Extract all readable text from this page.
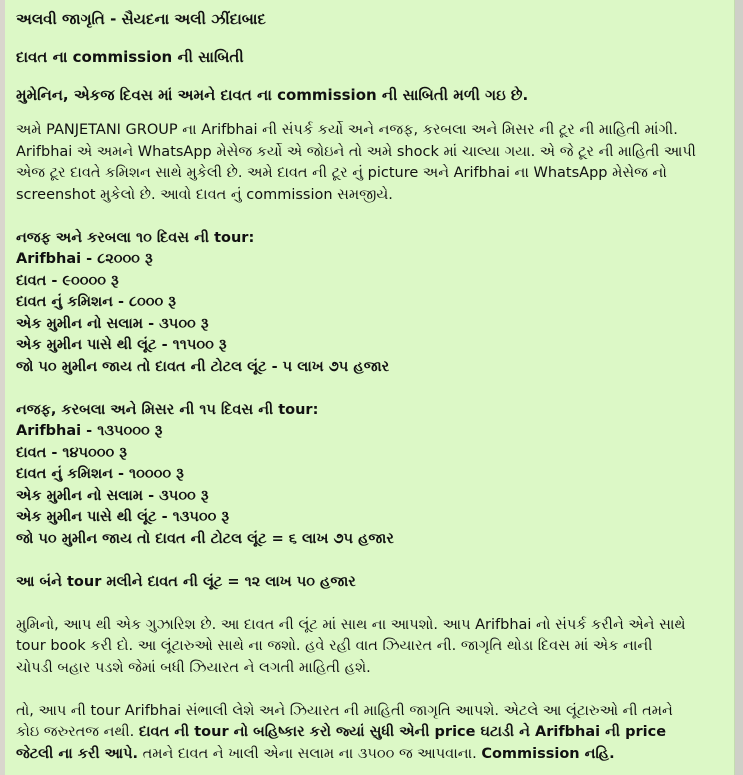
અલવી જાગૃતિ - સૈયદના અલી ઝીંદાબાદ
દાવત ના commission ની સાબિતી
મુમેનિન, એકજ દિવસ માં અમને દાવત ના commission ની સાબિતી મળી ગઇ છે.
અમે PANJETANI GROUP ના Arifbhai ની સંપર્ક કર્યો અને નજફ, કરબલા અને મિસર ની ટૂર ની માહિતી માંગી.
Arifbhai એ અમને WhatsApp મેસેજ કર્યો એ જોઇને તો અમે shock માં ચાલ્યા ગયા. એ જે ટૂર ની માહિતી આપી
એજ ટૂર દાવતે કમિશન સાથે મુકેલી છે. અમે દાવત ની ટૂર નું picture અને Arifbhai ના WhatsApp મેસેજ નો
screenshot મુકેલો છે. આવો દાવત નું commission સમજીયે.
નજફ અને કરબલા ૧૦ દિવસ ની tour:
Arifbhai - ૮૨૦૦૦ રૂ
દાવત - ૯૦૦૦૦ રૂ
દાવત નું કમિશન - ૮૦૦૦ રૂ
એક મુમીન નો સલામ - ૩૫૦૦ રૂ
એક મુમીન પાસે થી લૂંટ - ૧૧૫૦૦ રૂ
જો ૫૦ મુમીન જાય તો દાવત ની ટોટલ લૂંટ - ૫ લાખ ૭૫ હજાર
નજફ, કરબલા અને મિસર ની ૧૫ દિવસ ની tour:
Arifbhai - ૧૩૫૦૦૦ રૂ
દાવત - ૧૪૫૦૦૦ રૂ
દાવત નું કમિશન - ૧૦૦૦૦ રૂ
એક મુમીન નો સલામ - ૩૫૦૦ રૂ
એક મુમીન પાસે થી લૂંટ - ૧૩૫૦૦ રૂ
જો ૫૦ મુમીન જાય તો દાવત ની ટોટલ લૂંટ = ૬ લાખ ૭૫ હજાર
આ બંને tour મલીને દાવત ની લૂંટ = ૧૨ લાખ ૫૦ હજાર
મુમિનો, આપ થી એક ગુઝારિશ છે. આ દાવત ની લૂંટ માં સાથ ના આપશો. આપ Arifbhai નો સંપર્ક કરીને એને સાથે
tour book કરી દો. આ લૂંટારુઓ સાથે ના જશો. હવે રહી વાત ઝિયારત ની. જાગૃતિ થોડા દિવસ માં એક નાની
ચોપડી બહાર પડશે જેમાં બધી ઝિયારત ને લગતી માહિતી હશે.
તો, આપ ની tour Arifbhai સંભાલી લેશે અને ઝિયારત ની માહિતી જાગૃતિ આપશે. એટલે આ લૂંટારુઓ ની તમને
કોઇ જરુરતજ નથી. દાવત ની tour નો બહિષ્કાર કરો જ્યાં સુધી એની price ઘટાડી ને Arifbhai ની price
જેટલી ના કરી આપે. તમને દાવત ને ખાલી એના સલામ ના ૩૫૦૦ જ આપવાના. Commission નહિ.
